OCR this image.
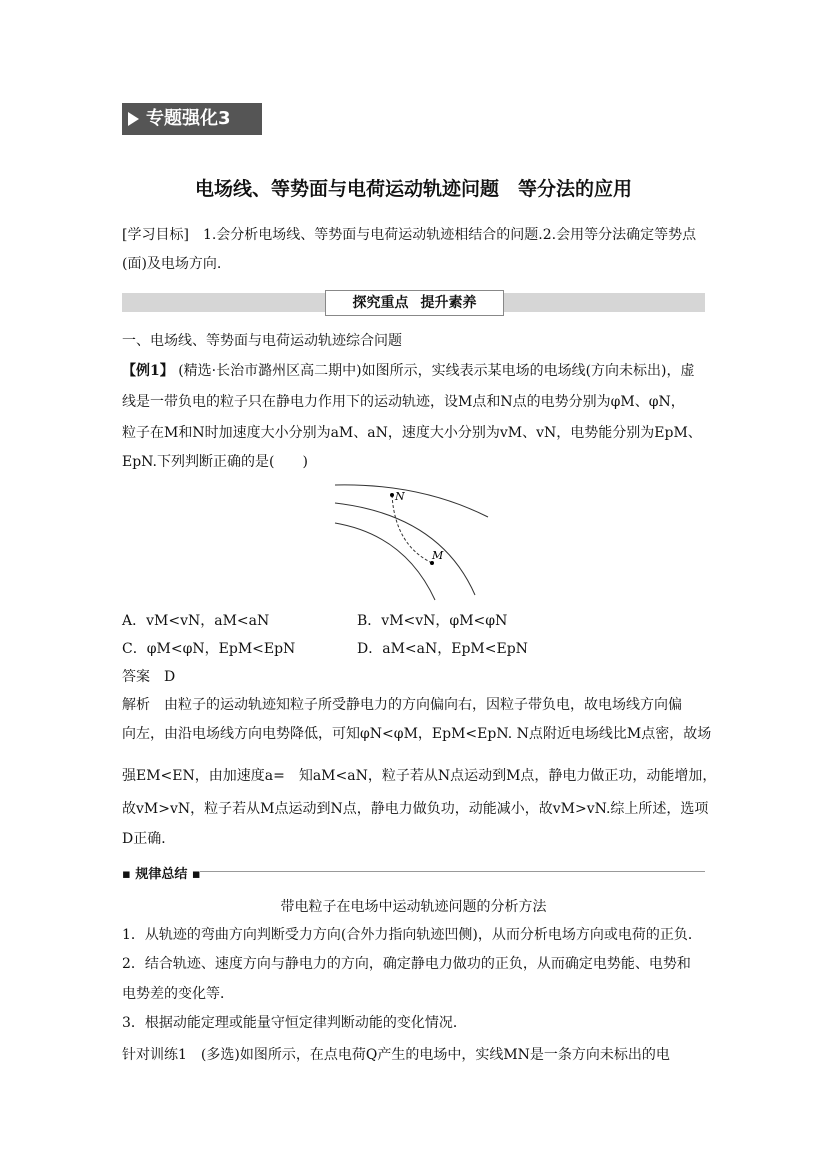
专题强化3
电场线、等势面与电荷运动轨迹问题　等分法的应用
[学习目标]　 1.会分析电场线、等势面与电荷运动轨迹相结合的问题.2.会用等分法确定等势点
(面)及电场方向.
探究重点 提升素养
一、电场线、等势面与电荷运动轨迹综合问题
【例1】 (精选·长治市潞州区高二期中)如图所示，实线表示某电场的电场线(方向未标出)，虚
线是一带负电的粒子只在静电力作用下的运动轨迹，设M点和N点的电势分别为φM、φN，
粒子在M和N时加速度大小分别为aM、aN，速度大小分别为vM、vN，电势能分别为EpM、
EpN.下列判断正确的是(　　)
N
M
A．vM<vN，aM<aN	B．vM<vN，φM<φN
C．φM<φN，EpM<EpN	D．aM<aN，EpM<EpN
答案　 D
解析　 由粒子的运动轨迹知粒子所受静电力的方向偏向右，因粒子带负电，故电场线方向偏
向左，由沿电场线方向电势降低，可知φN<φM，EpM<EpN. N点附近电场线比M点密，故场
强EM<EN，由加速度a=　知aM<aN，粒子若从N点运动到M点，静电力做正功，动能增加，
故vM>vN，粒子若从M点运动到N点，静电力做负功，动能减小，故vM>vN.综上所述，选项
D正确．
▪ 规律总结 ▪
带电粒子在电场中运动轨迹问题的分析方法
1．从轨迹的弯曲方向判断受力方向(合外力指向轨迹凹侧)，从而分析电场方向或电荷的正负．
2．结合轨迹、速度方向与静电力的方向，确定静电力做功的正负，从而确定电势能、电势和
电势差的变化等．
3．根据动能定理或能量守恒定律判断动能的变化情况．
针对训练1　 (多选)如图所示，在点电荷Q产生的电场中，实线MN是一条方向未标出的电
